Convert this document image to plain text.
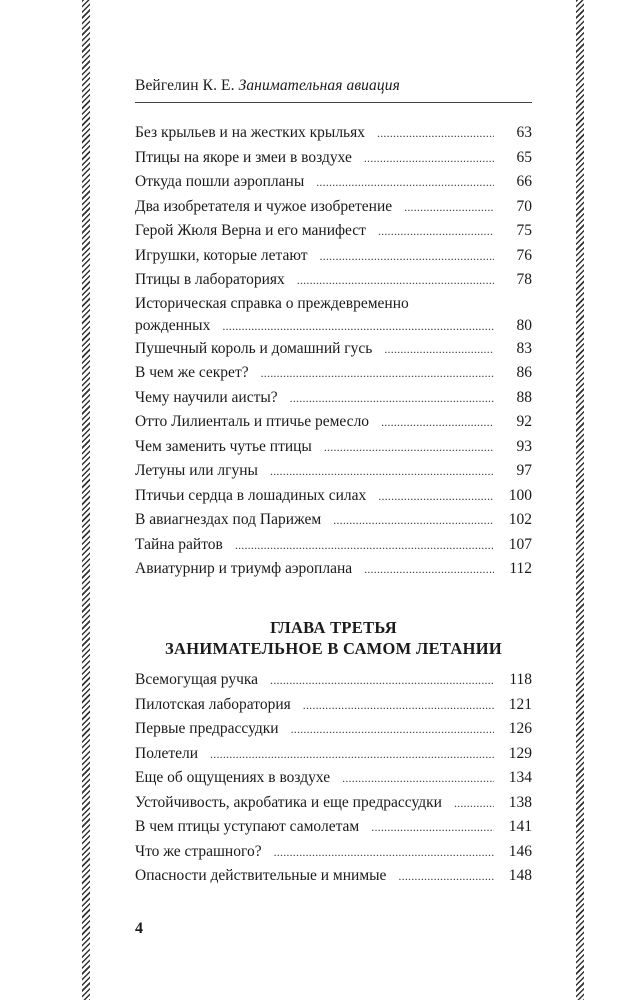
Вейгелин К. Е. Занимательная авиация
Без крыльев и на жестких крыльях .....	63
Птицы на якоре и змеи в воздухе .....	65
Откуда пошли аэропланы .....	66
Два изобретателя и чужое изобретение .....	70
Герой Жюля Верна и его манифест .....	75
Игрушки, которые летают .....	76
Птицы в лабораториях .....	78
Историческая справка о преждевременно
рожденных .....	80
Пушечный король и домашний гусь .....	83
В чем же секрет? .....	86
Чему научили аисты? .....	88
Отто Лилиенталь и птичье ремесло .....	92
Чем заменить чутье птицы .....	93
Летуны или лгуны .....	97
Птичьи сердца в лошадиных силах .....	100
В авиагнездах под Парижем .....	102
Тайна райтов .....	107
Авиатурнир и триумф аэроплана .....	112
ГЛАВА ТРЕТЬЯ
ЗАНИМАТЕЛЬНОЕ В САМОМ ЛЕТАНИИ
Всемогущая ручка .....	118
Пилотская лаборатория .....	121
Первые предрассудки .....	126
Полетели .....	129
Еще об ощущениях в воздухе .....	134
Устойчивость, акробатика и еще предрассудки .....	138
В чем птицы уступают самолетам .....	141
Что же страшного? .....	146
Опасности действительные и мнимые .....	148
4
